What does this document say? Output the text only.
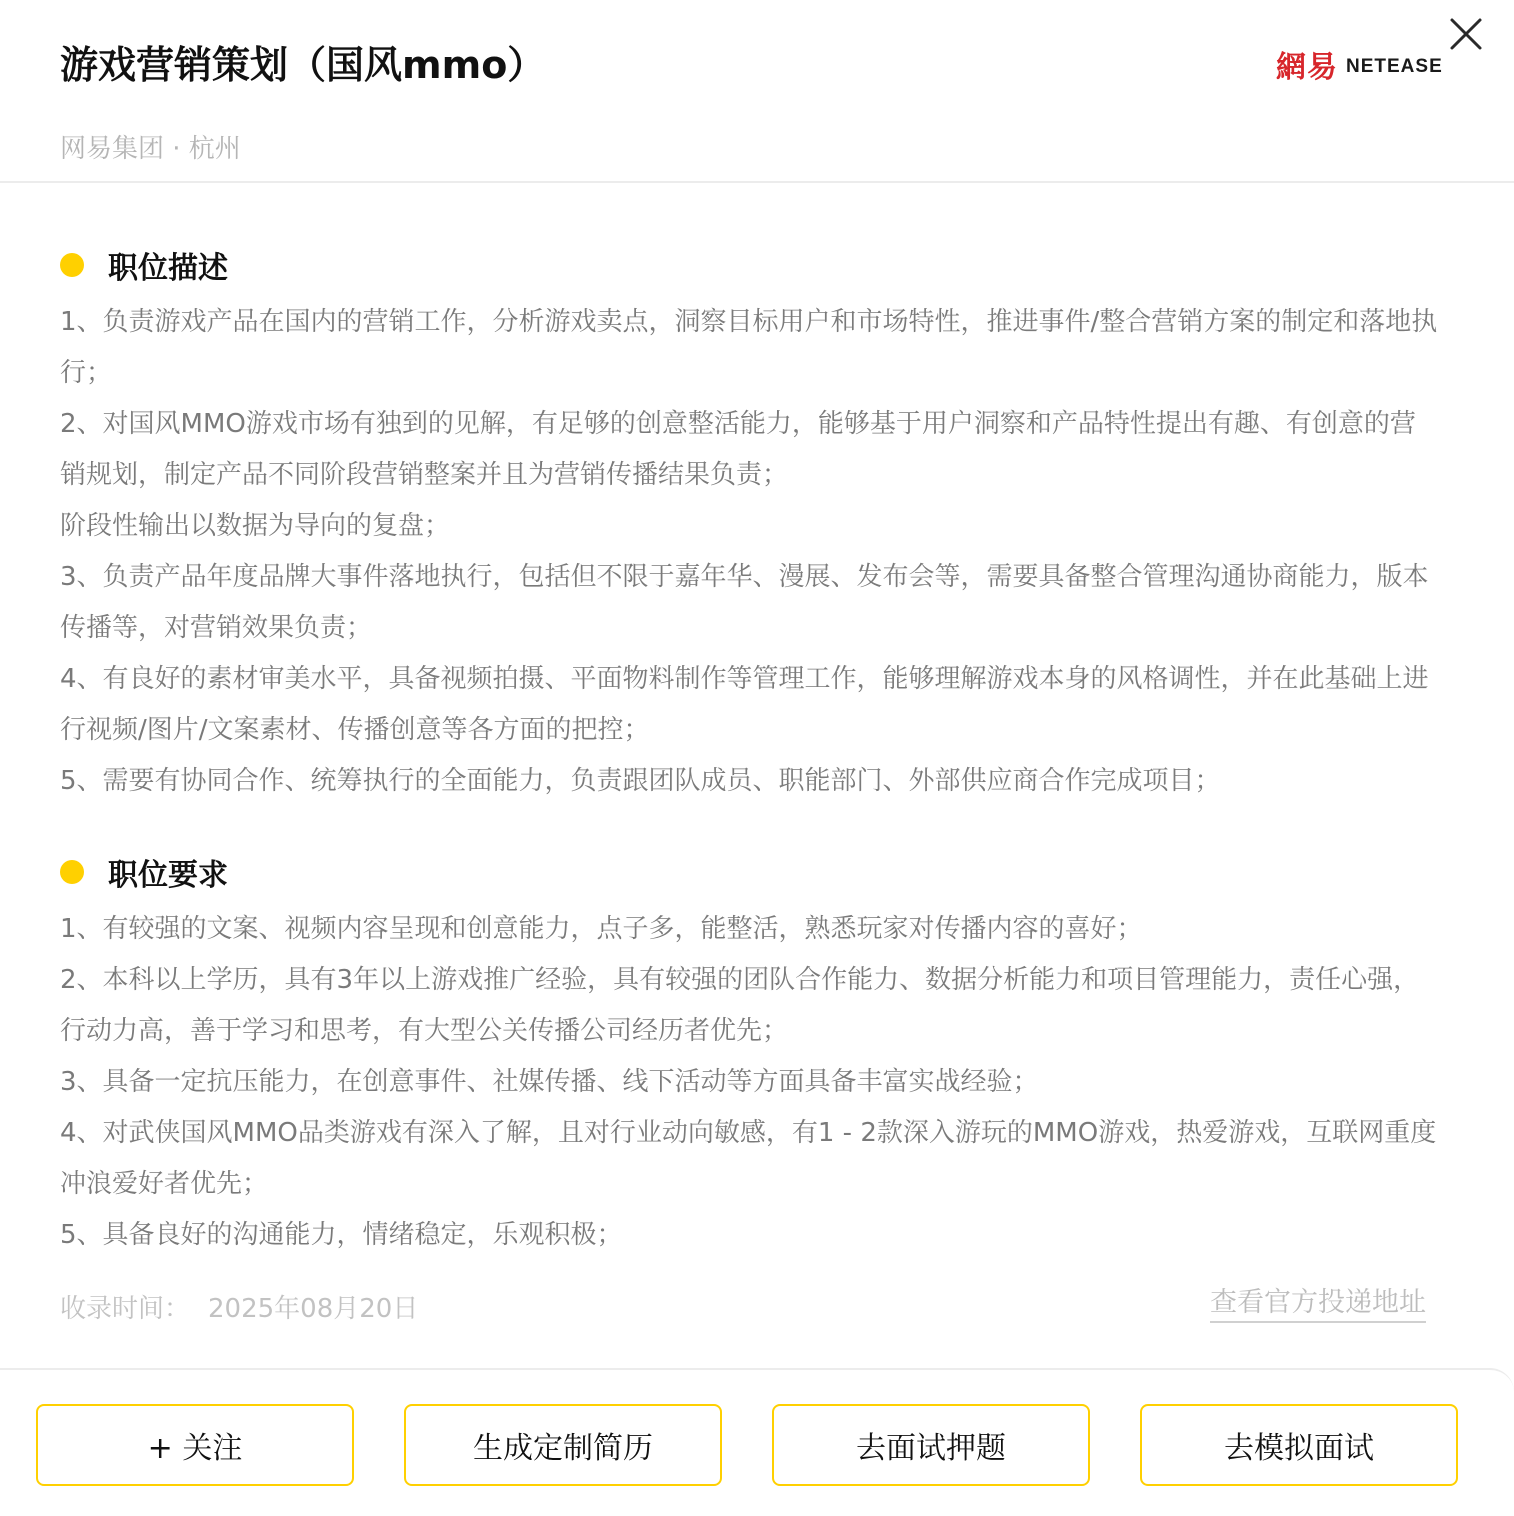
游戏营销策划（国风mmo）
网易集团 · 杭州
網易 NETEASE
职位描述

1、负责游戏产品在国内的营销工作，分析游戏卖点，洞察目标用户和市场特性，推进事件/整合营销方案的制定和落地执行；

2、对国风MMO游戏市场有独到的见解，有足够的创意整活能力，能够基于用户洞察和产品特性提出有趣、有创意的营销规划，制定产品不同阶段营销整案并且为营销传播结果负责；

阶段性输出以数据为导向的复盘；

3、负责产品年度品牌大事件落地执行，包括但不限于嘉年华、漫展、发布会等，需要具备整合管理沟通协商能力，版本传播等，对营销效果负责；

4、有良好的素材审美水平，具备视频拍摄、平面物料制作等管理工作，能够理解游戏本身的风格调性，并在此基础上进行视频/图片/文案素材、传播创意等各方面的把控；

5、需要有协同合作、统筹执行的全面能力，负责跟团队成员、职能部门、外部供应商合作完成项目；

职位要求

1、有较强的文案、视频内容呈现和创意能力，点子多，能整活，熟悉玩家对传播内容的喜好；

2、本科以上学历，具有3年以上游戏推广经验，具有较强的团队合作能力、数据分析能力和项目管理能力，责任心强，行动力高，善于学习和思考，有大型公关传播公司经历者优先；

3、具备一定抗压能力，在创意事件、社媒传播、线下活动等方面具备丰富实战经验；

4、对武侠国风MMO品类游戏有深入了解，且对行业动向敏感，有1 - 2款深入游玩的MMO游戏，热爱游戏，互联网重度冲浪爱好者优先；

5、具备良好的沟通能力，情绪稳定，乐观积极；

收录时间： 2025年08月20日	查看官方投递地址
+ 关注	生成定制简历	去面试押题	去模拟面试
